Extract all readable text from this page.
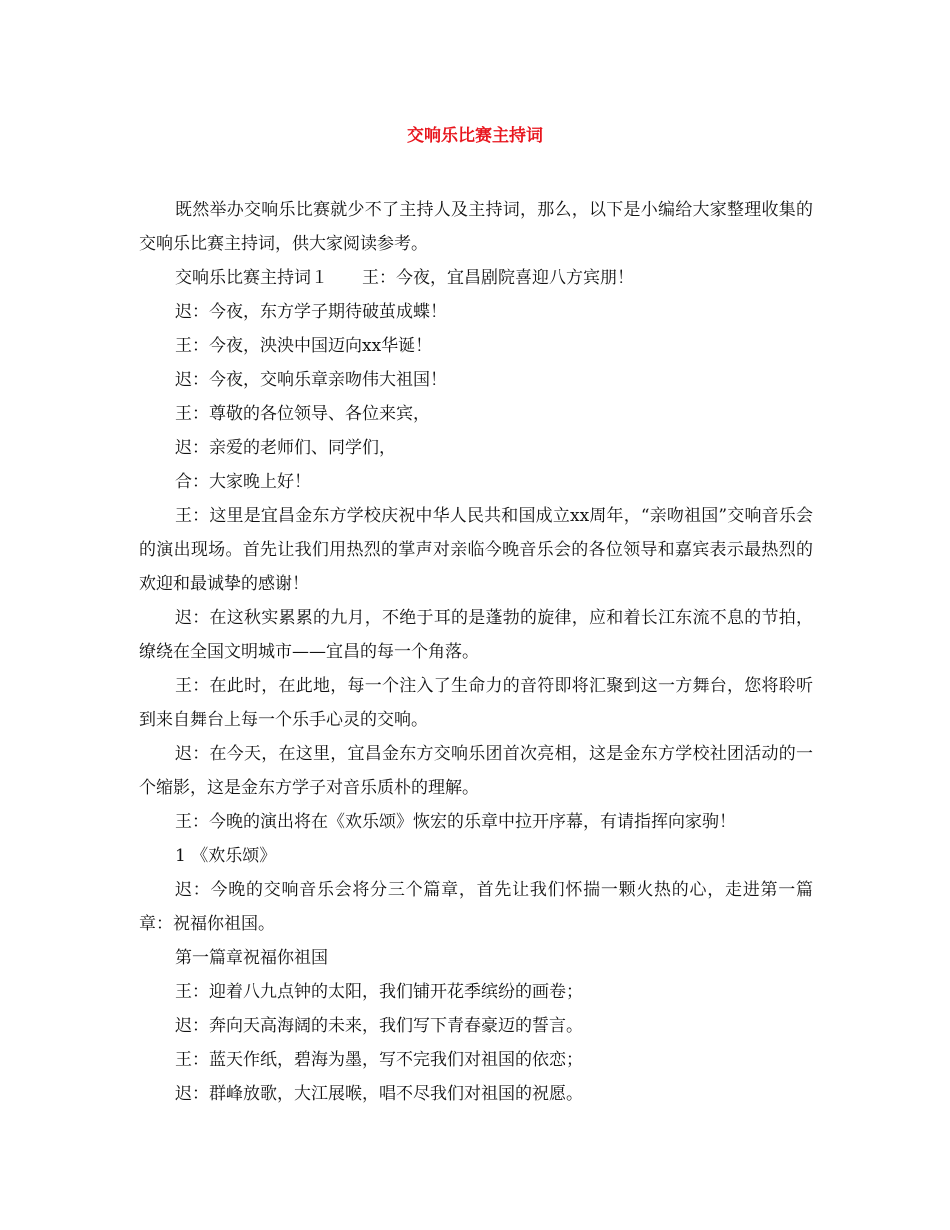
交响乐比赛主持词

既然举办交响乐比赛就少不了主持人及主持词，那么，以下是小编给大家整理收集的交响乐比赛主持词，供大家阅读参考。

交响乐比赛主持词１　　王：今夜，宜昌剧院喜迎八方宾朋！

迟：今夜，东方学子期待破茧成蝶！

王：今夜，泱泱中国迈向xx华诞！

迟：今夜，交响乐章亲吻伟大祖国！

王：尊敬的各位领导、各位来宾，

迟：亲爱的老师们、同学们，

合：大家晚上好！

王：这里是宜昌金东方学校庆祝中华人民共和国成立xx周年，“亲吻祖国”交响音乐会的演出现场。首先让我们用热烈的掌声对亲临今晚音乐会的各位领导和嘉宾表示最热烈的欢迎和最诚挚的感谢！

迟：在这秋实累累的九月，不绝于耳的是蓬勃的旋律，应和着长江东流不息的节拍，缭绕在全国文明城市——宜昌的每一个角落。

王：在此时，在此地，每一个注入了生命力的音符即将汇聚到这一方舞台，您将聆听到来自舞台上每一个乐手心灵的交响。

迟：在今天，在这里，宜昌金东方交响乐团首次亮相，这是金东方学校社团活动的一个缩影，这是金东方学子对音乐质朴的理解。

王：今晚的演出将在《欢乐颂》恢宏的乐章中拉开序幕，有请指挥向家驹！

1 《欢乐颂》

迟：今晚的交响音乐会将分三个篇章，首先让我们怀揣一颗火热的心，走进第一篇章：祝福你祖国。

第一篇章祝福你祖国

王：迎着八九点钟的太阳，我们铺开花季缤纷的画卷；

迟：奔向天高海阔的未来，我们写下青春豪迈的誓言。

王：蓝天作纸，碧海为墨，写不完我们对祖国的依恋；

迟：群峰放歌，大江展喉，唱不尽我们对祖国的祝愿。
